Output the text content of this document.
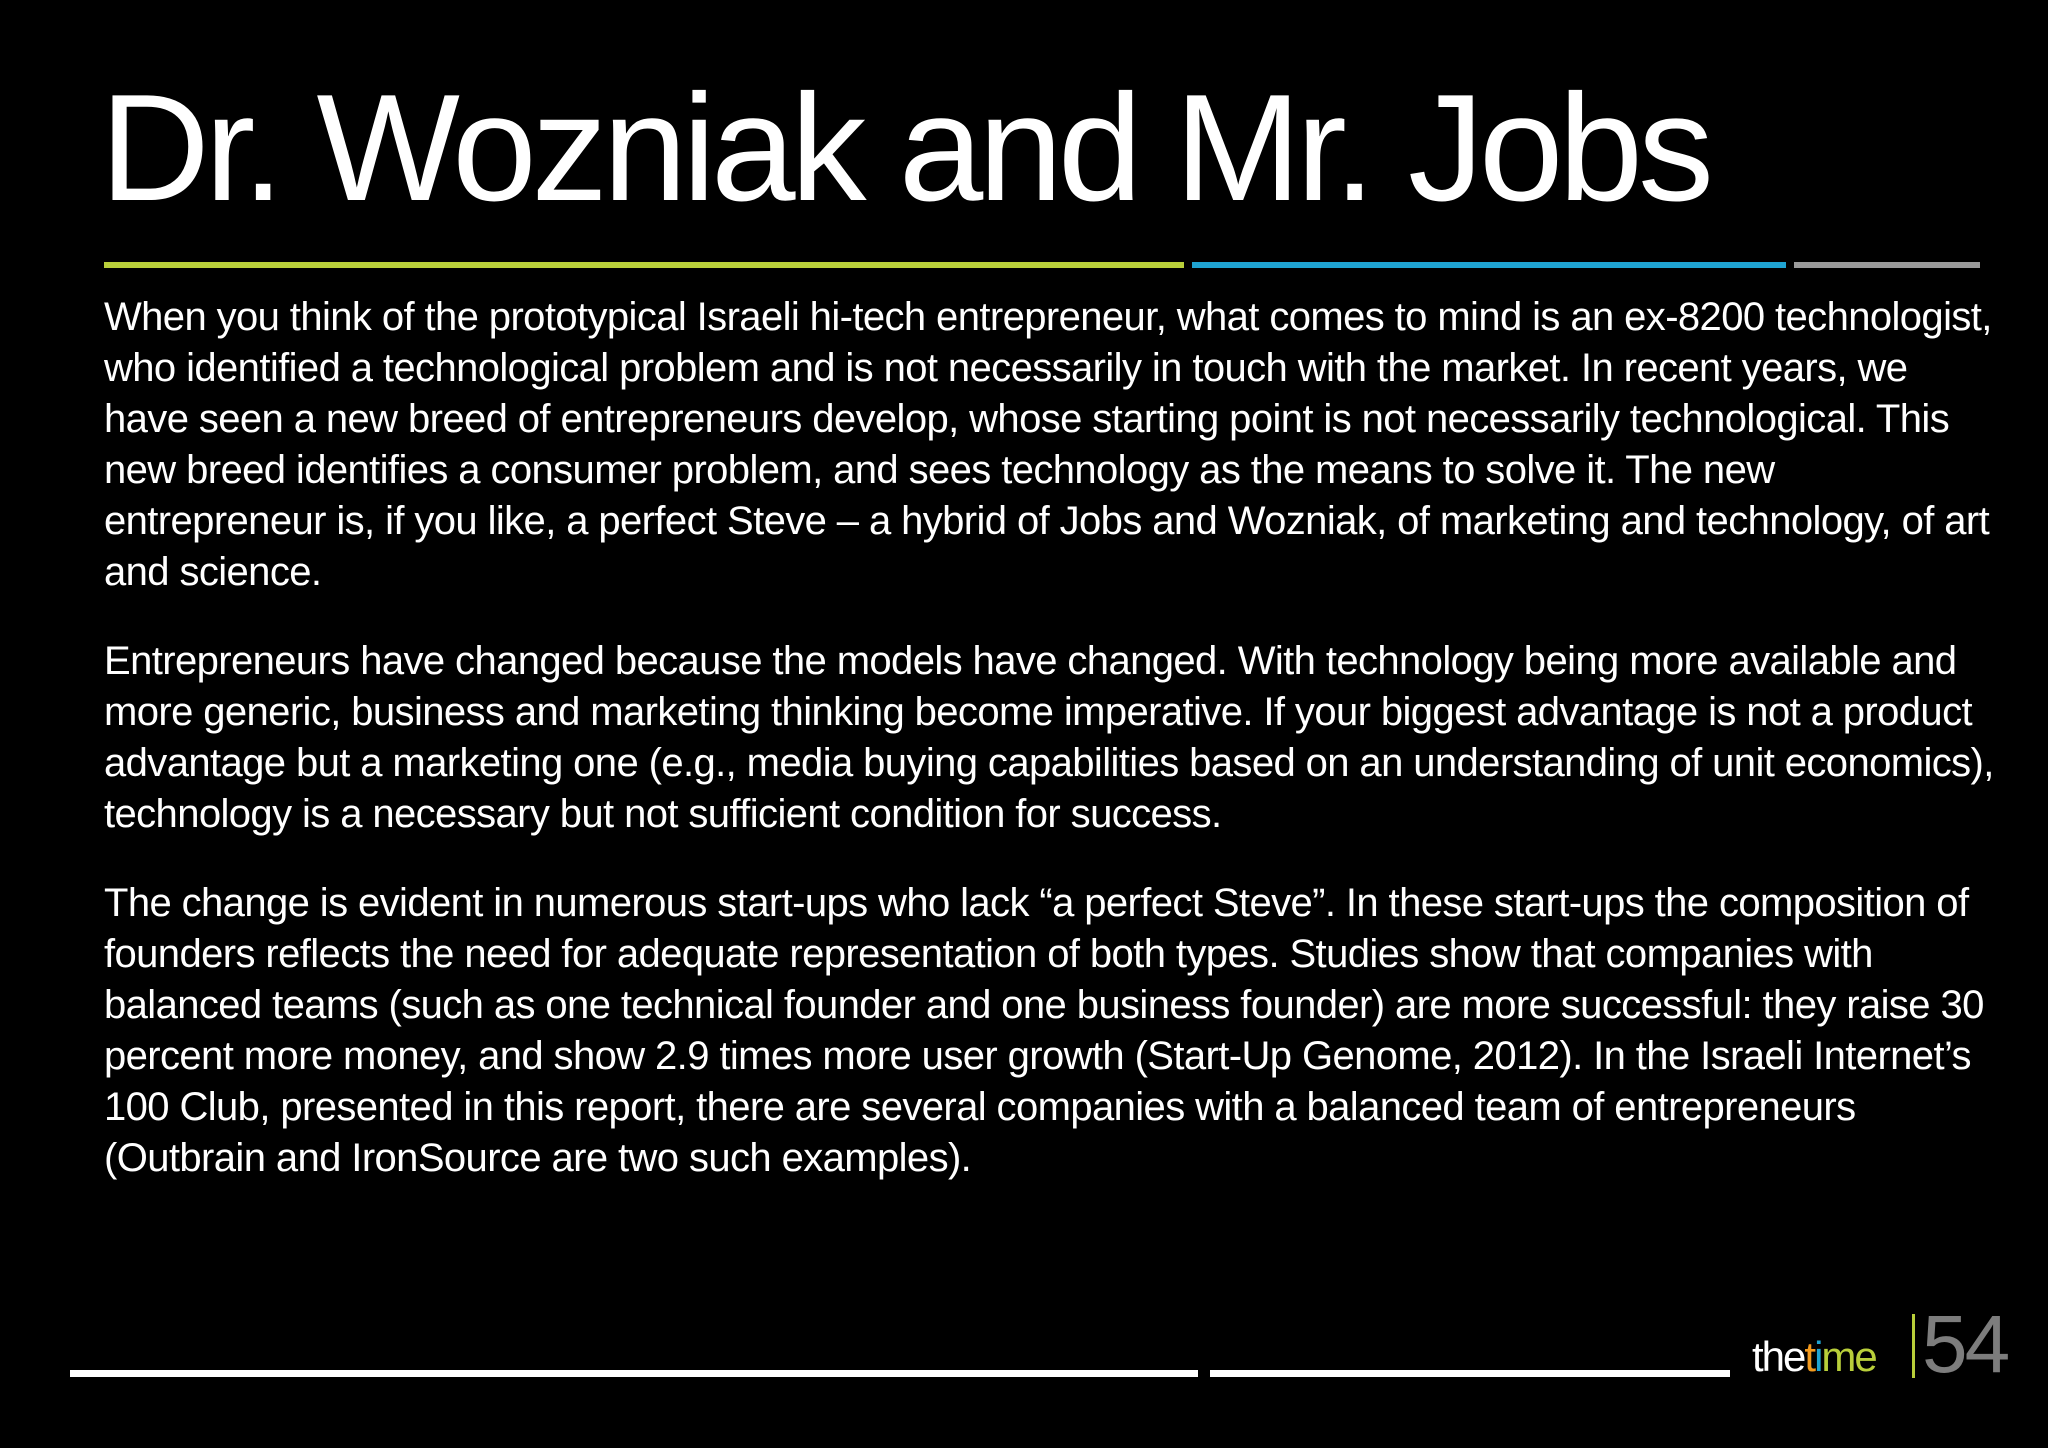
Dr. Wozniak and Mr. Jobs

When you think of the prototypical Israeli hi-tech entrepreneur, what comes to mind is an ex-8200 technologist, who identified a technological problem and is not necessarily in touch with the market. In recent years, we have seen a new breed of entrepreneurs develop, whose starting point is not necessarily technological. This new breed identifies a consumer problem, and sees technology as the means to solve it. The new entrepreneur is, if you like, a perfect Steve – a hybrid of Jobs and Wozniak, of marketing and technology, of art and science.

Entrepreneurs have changed because the models have changed. With technology being more available and more generic, business and marketing thinking become imperative. If your biggest advantage is not a product advantage but a marketing one (e.g., media buying capabilities based on an understanding of unit economics), technology is a necessary but not sufficient condition for success.

The change is evident in numerous start-ups who lack “a perfect Steve”. In these start-ups the composition of founders reflects the need for adequate representation of both types. Studies show that companies with balanced teams (such as one technical founder and one business founder) are more successful: they raise 30 percent more money, and show 2.9 times more user growth (Start-Up Genome, 2012). In the Israeli Internet’s 100 Club, presented in this report, there are several companies with a balanced team of entrepreneurs (Outbrain and IronSource are two such examples).

thetime 54
